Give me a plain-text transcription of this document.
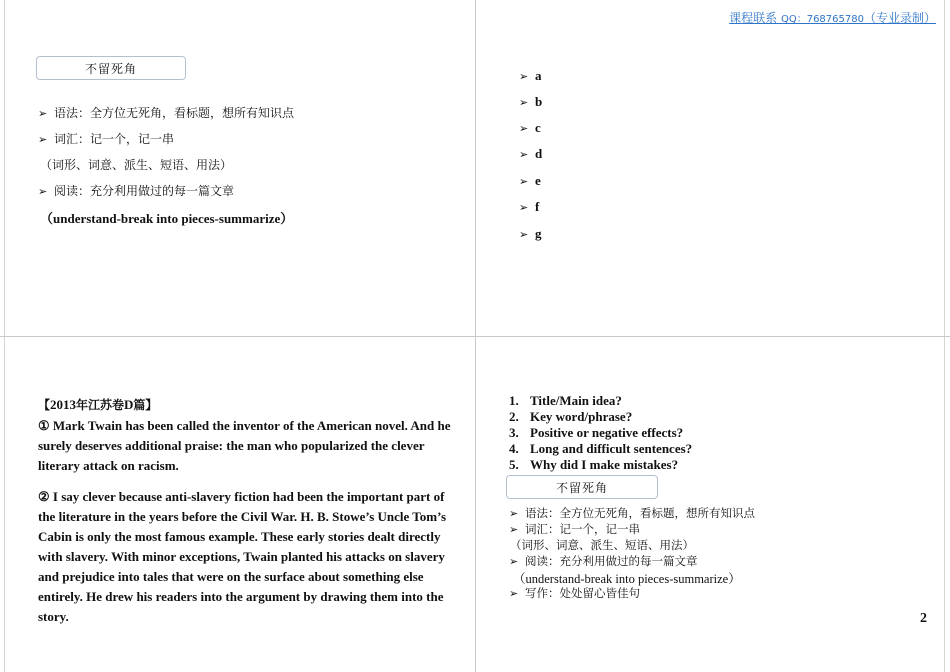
课程联系 QQ：768765780（专业录制）
不留死角
➢ 语法：全方位无死角，看标题，想所有知识点
➢ 词汇：记一个，记一串
（词形、词意、派生、短语、用法）
➢ 阅读：充分利用做过的每一篇文章
（understand-break into pieces-summarize）
➢ a
➢ b
➢ c
➢ d
➢ e
➢ f
➢ g
【2013年江苏卷D篇】
① Mark Twain has been called the inventor of the American novel. And he surely deserves additional praise: the man who popularized the clever literary attack on racism.
② I say clever because anti-slavery fiction had been the important part of the literature in the years before the Civil War. H. B. Stowe’s Uncle Tom’s Cabin is only the most famous example. These early stories dealt directly with slavery. With minor exceptions, Twain planted his attacks on slavery and prejudice into tales that were on the surface about something else entirely. He drew his readers into the argument by drawing them into the story.
1. Title/Main idea?
2. Key word/phrase?
3. Positive or negative effects?
4. Long and difficult sentences?
5. Why did I make mistakes?
不留死角
➢ 语法：全方位无死角，看标题，想所有知识点
➢ 词汇：记一个，记一串
（词形、词意、派生、短语、用法）
➢ 阅读：充分利用做过的每一篇文章
（understand-break into pieces-summarize）
➢ 写作：处处留心皆佳句
2
